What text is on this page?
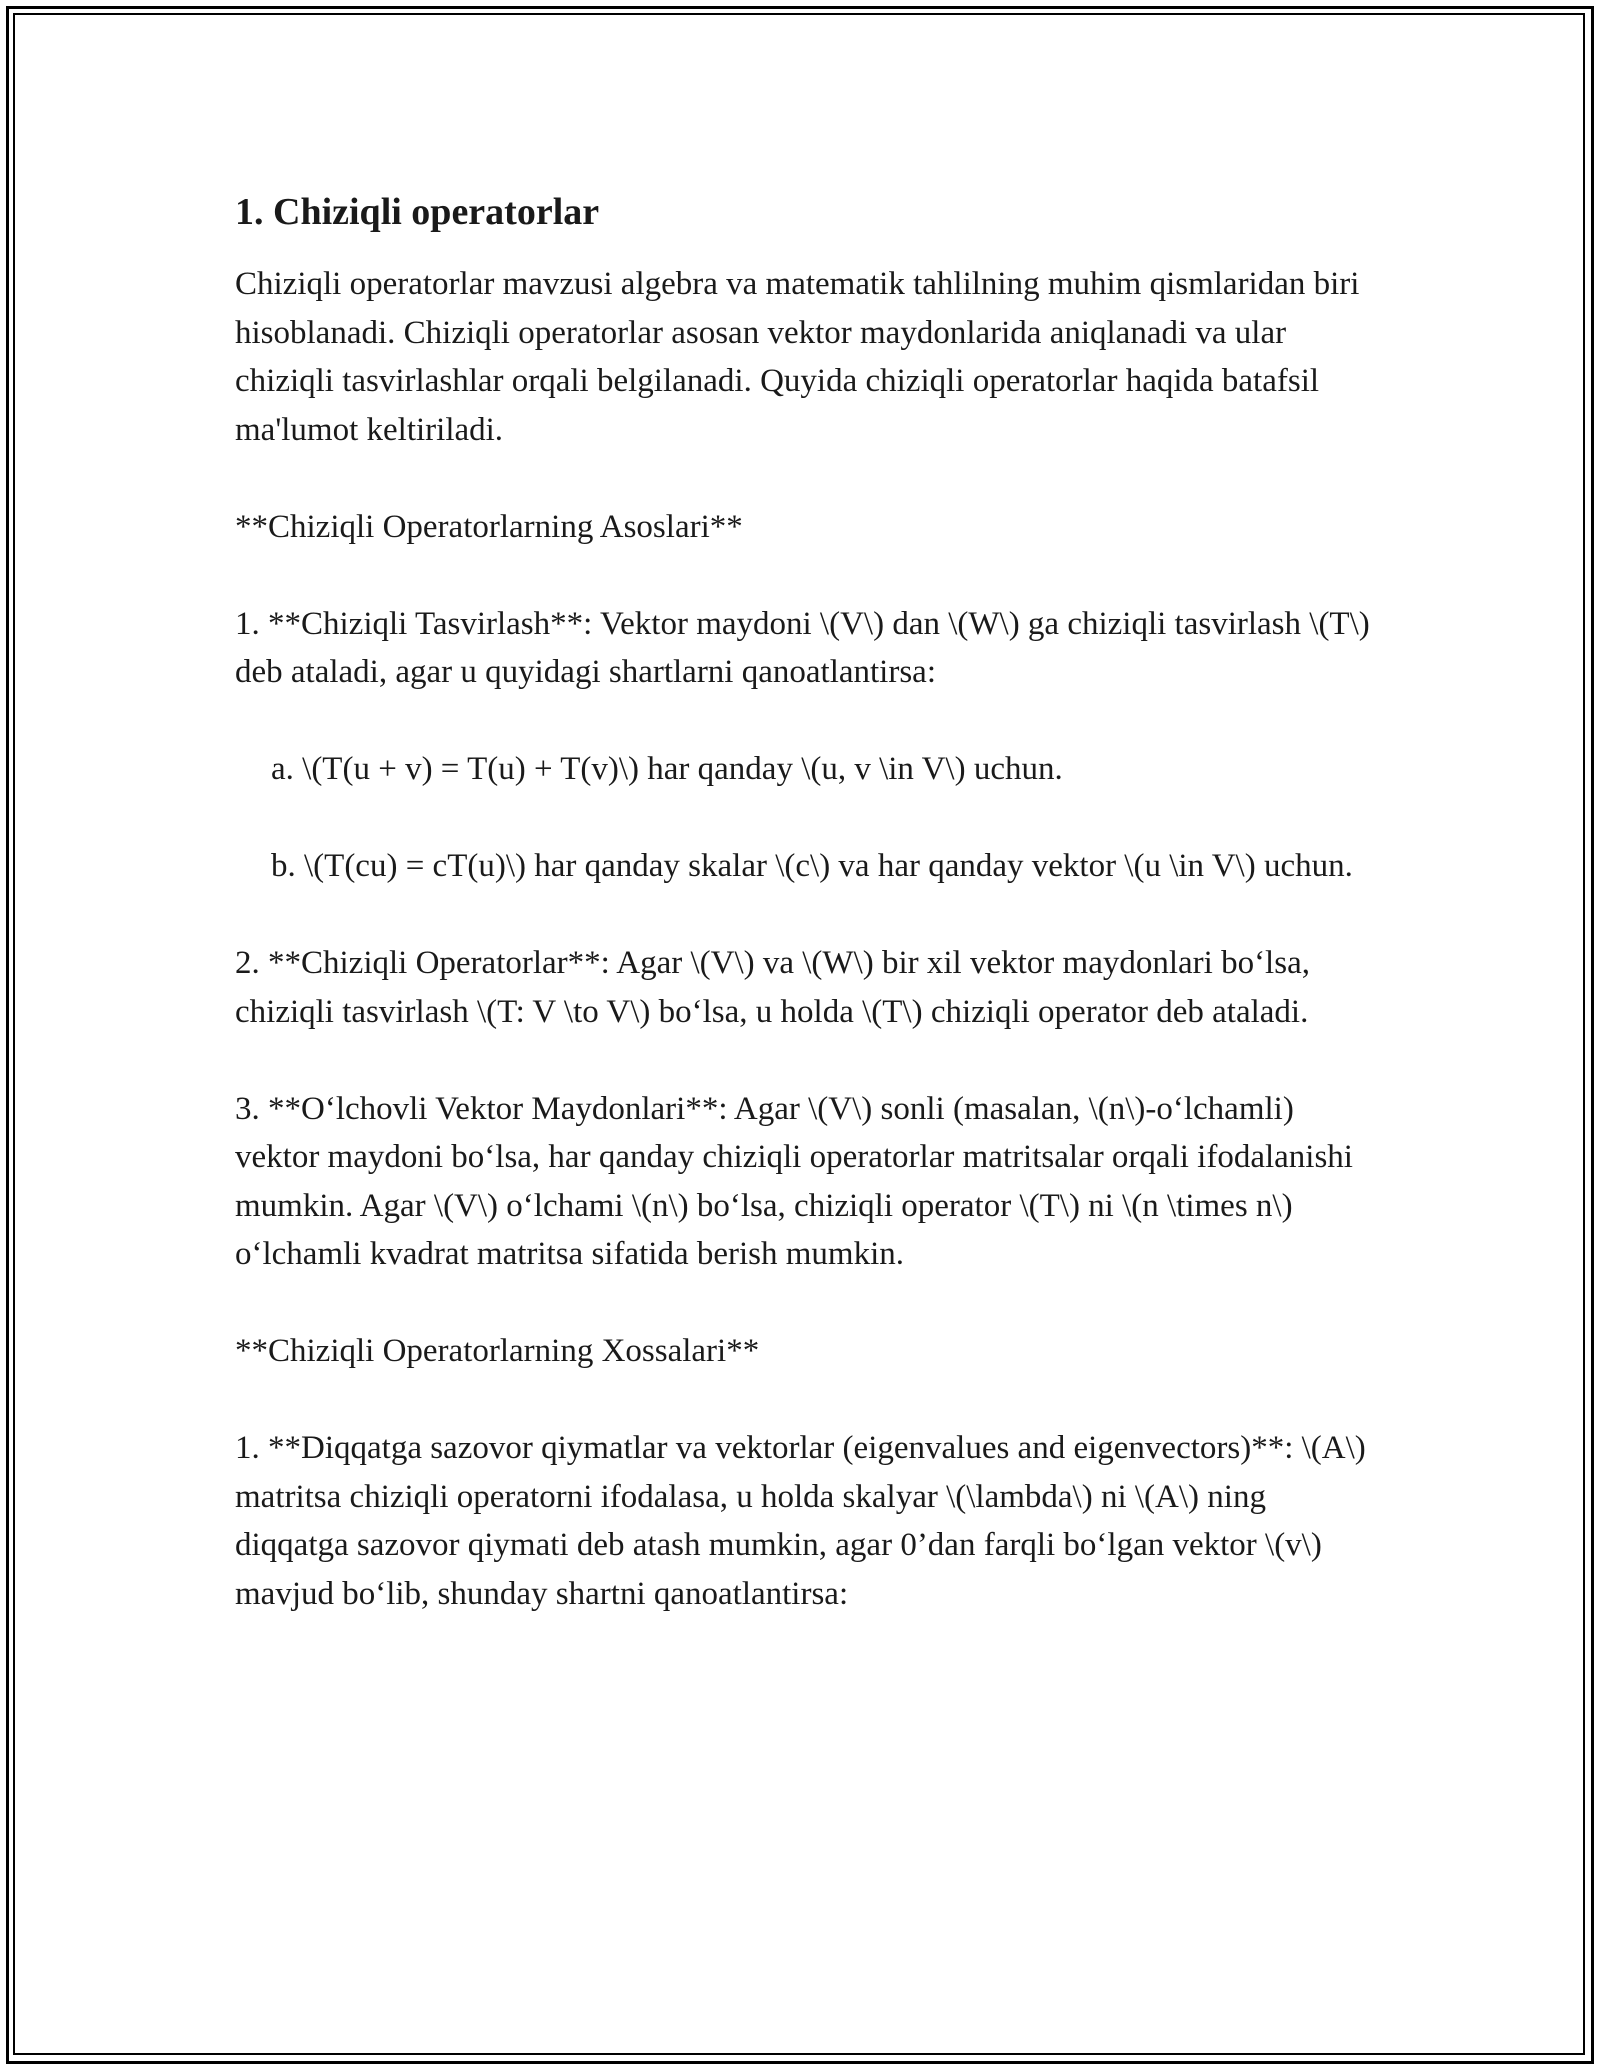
1. Chiziqli operatorlar

Chiziqli operatorlar mavzusi algebra va matematik tahlilning muhim qismlaridan biri hisoblanadi. Chiziqli operatorlar asosan vektor maydonlarida aniqlanadi va ular chiziqli tasvirlashlar orqali belgilanadi. Quyida chiziqli operatorlar haqida batafsil ma'lumot keltiriladi.

**Chiziqli Operatorlarning Asoslari**

1. **Chiziqli Tasvirlash**: Vektor maydoni \(V\) dan \(W\) ga chiziqli tasvirlash \(T\) deb ataladi, agar u quyidagi shartlarni qanoatlantirsa:

a. \(T(u + v) = T(u) + T(v)\) har qanday \(u, v \in V\) uchun.

b. \(T(cu) = cT(u)\) har qanday skalar \(c\) va har qanday vektor \(u \in V\) uchun.

2. **Chiziqli Operatorlar**: Agar \(V\) va \(W\) bir xil vektor maydonlari bo‘lsa, chiziqli tasvirlash \(T: V \to V\) bo‘lsa, u holda \(T\) chiziqli operator deb ataladi.

3. **O‘lchovli Vektor Maydonlari**: Agar \(V\) sonli (masalan, \(n\)-o‘lchamli) vektor maydoni bo‘lsa, har qanday chiziqli operatorlar matritsalar orqali ifodalanishi mumkin. Agar \(V\) o‘lchami \(n\) bo‘lsa, chiziqli operator \(T\) ni \(n \times n\) o‘lchamli kvadrat matritsa sifatida berish mumkin.

**Chiziqli Operatorlarning Xossalari**

1. **Diqqatga sazovor qiymatlar va vektorlar (eigenvalues and eigenvectors)**: \(A\) matritsa chiziqli operatorni ifodalasa, u holda skalyar \(\lambda\) ni \(A\) ning diqqatga sazovor qiymati deb atash mumkin, agar 0’dan farqli bo‘lgan vektor \(v\) mavjud bo‘lib, shunday shartni qanoatlantirsa:
